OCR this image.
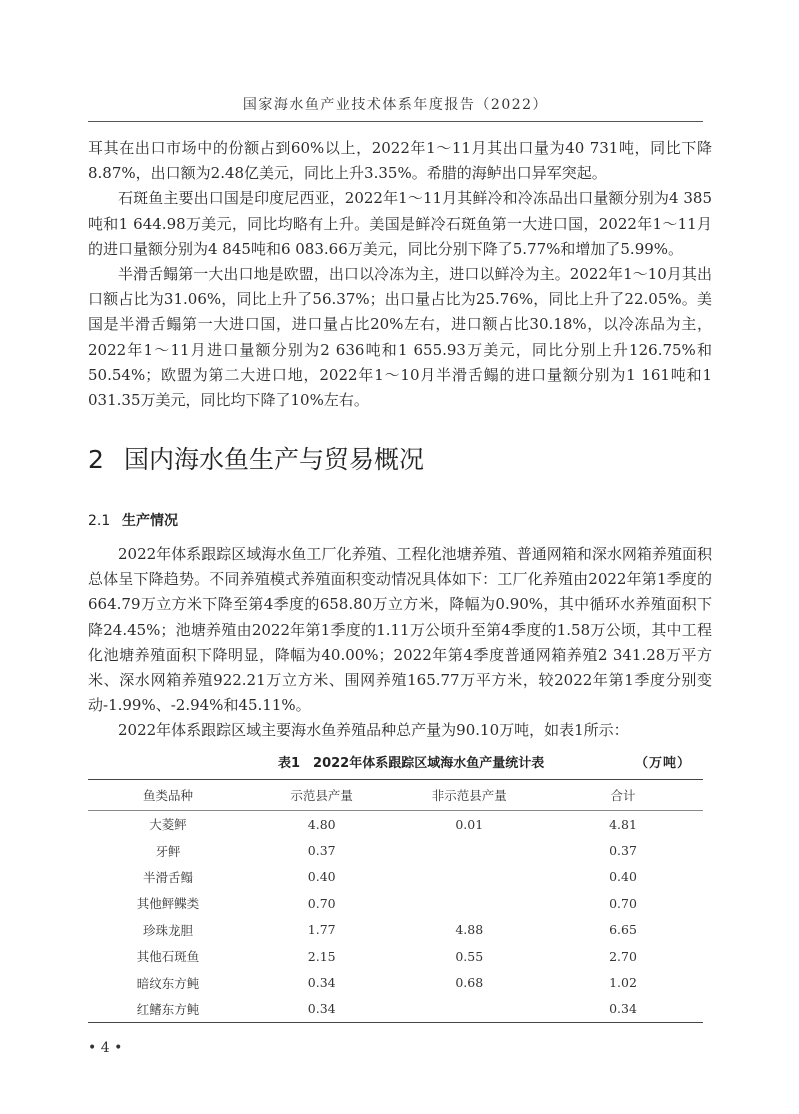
国家海水鱼产业技术体系年度报告（2022）

耳其在出口市场中的份额占到60%以上，2022年1～11月其出口量为40 731吨，同比下降8.87%，出口额为2.48亿美元，同比上升3.35%。希腊的海鲈出口异军突起。

石斑鱼主要出口国是印度尼西亚，2022年1～11月其鲜冷和冷冻品出口量额分别为4 385吨和1 644.98万美元，同比均略有上升。美国是鲜冷石斑鱼第一大进口国，2022年1～11月的进口量额分别为4 845吨和6 083.66万美元，同比分别下降了5.77%和增加了5.99%。

半滑舌鳎第一大出口地是欧盟，出口以冷冻为主，进口以鲜冷为主。2022年1～10月其出口额占比为31.06%，同比上升了56.37%；出口量占比为25.76%，同比上升了22.05%。美国是半滑舌鳎第一大进口国，进口量占比20%左右，进口额占比30.18%，以冷冻品为主，2022年1～11月进口量额分别为2 636吨和1 655.93万美元，同比分别上升126.75%和50.54%；欧盟为第二大进口地，2022年1～10月半滑舌鳎的进口量额分别为1 161吨和1 031.35万美元，同比均下降了10%左右。

2 国内海水鱼生产与贸易概况
2.1 生产情况

2022年体系跟踪区域海水鱼工厂化养殖、工程化池塘养殖、普通网箱和深水网箱养殖面积总体呈下降趋势。不同养殖模式养殖面积变动情况具体如下：工厂化养殖由2022年第1季度的664.79万立方米下降至第4季度的658.80万立方米，降幅为0.90%，其中循环水养殖面积下降24.45%；池塘养殖由2022年第1季度的1.11万公顷升至第4季度的1.58万公顷，其中工程化池塘养殖面积下降明显，降幅为40.00%；2022年第4季度普通网箱养殖2 341.28万平方米、深水网箱养殖922.21万立方米、围网养殖165.77万平方米，较2022年第1季度分别变动-1.99%、-2.94%和45.11%。

2022年体系跟踪区域主要海水鱼养殖品种总产量为90.10万吨，如表1所示：

表1　2022年体系跟踪区域海水鱼产量统计表	（万吨）
鱼类品种	示范县产量	非示范县产量	合计
大菱鲆	4.80	0.01	4.81
牙鲆	0.37		0.37
半滑舌鳎	0.40		0.40
其他鲆鲽类	0.70		0.70
珍珠龙胆	1.77	4.88	6.65
其他石斑鱼	2.15	0.55	2.70
暗纹东方鲀	0.34	0.68	1.02
红鳍东方鲀	0.34		0.34
• 4 •
